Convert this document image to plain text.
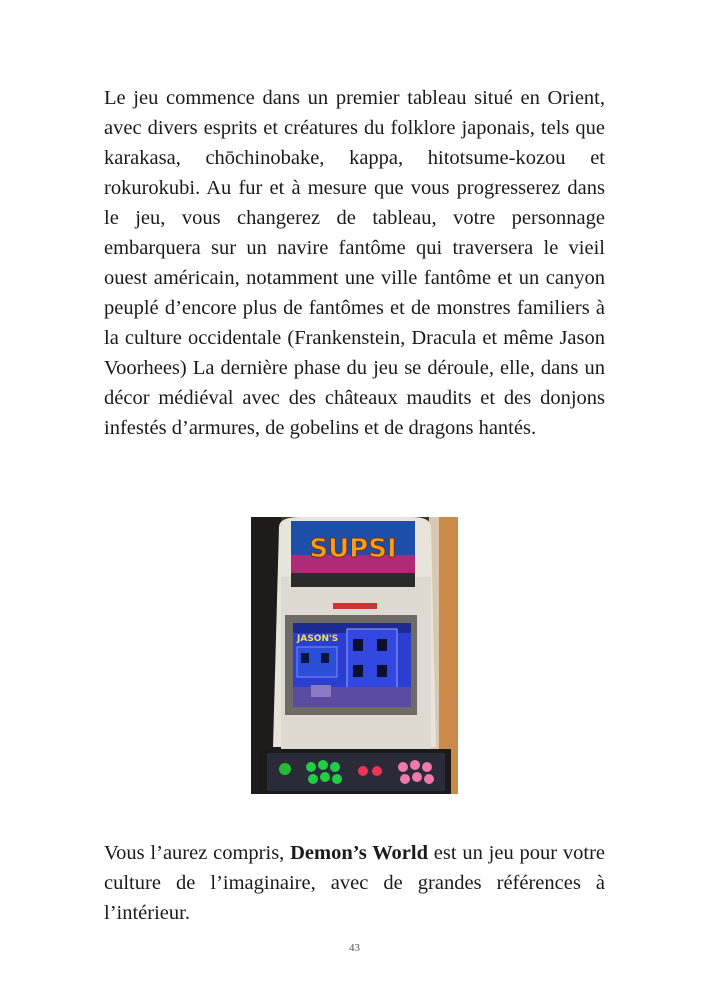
Le jeu commence dans un premier tableau situé en Orient, avec divers esprits et créatures du folklore japonais, tels que karakasa, chōchinobake, kappa, hitotsume-kozou et rokurokubi. Au fur et à mesure que vous progresserez dans le jeu, vous changerez de tableau, votre personnage embarquera sur un navire fantôme qui traversera le vieil ouest américain, notamment une ville fantôme et un canyon peuplé d’encore plus de fantômes et de monstres familiers à la culture occidentale (Frankenstein, Dracula et même Jason Voorhees) La dernière phase du jeu se déroule, elle, dans un décor médiéval avec des châteaux maudits et des donjons infestés d’armures, de gobelins et de dragons hantés.

SUPSI
JASON'S

Vous l’aurez compris, Demon’s World est un jeu pour votre culture de l’imaginaire, avec de grandes références à l’intérieur.

43
